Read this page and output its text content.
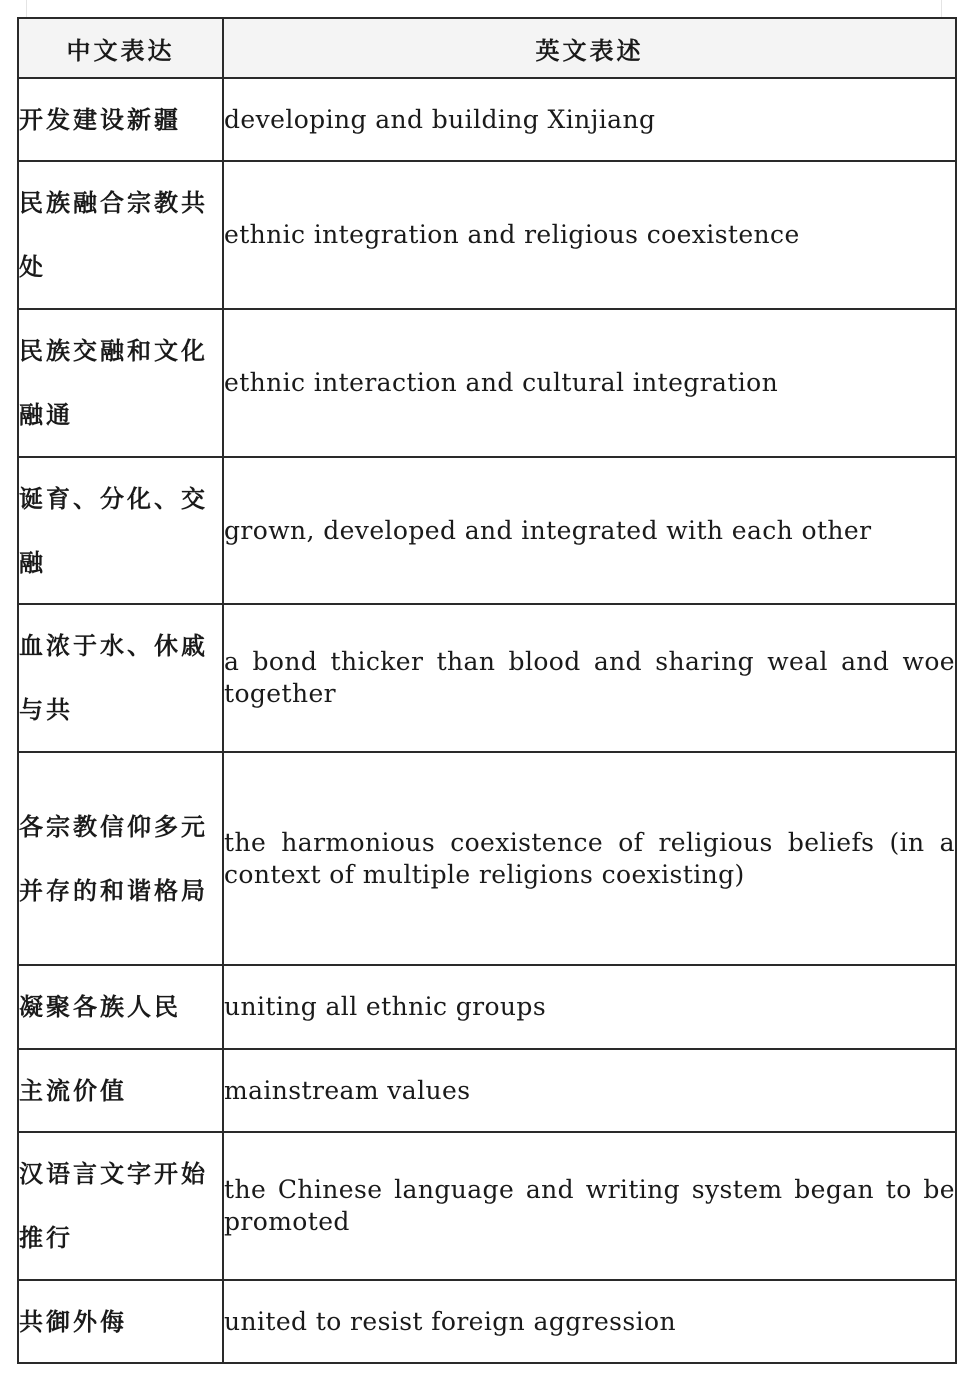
中文表达	英文表述
开发建设新疆	developing and building Xinjiang
民族融合宗教共处	ethnic integration and religious coexistence
民族交融和文化融通	ethnic interaction and cultural integration
诞育、分化、交融	grown, developed and integrated with each other
血浓于水、休戚与共	a bond thicker than blood and sharing weal and woe together
各宗教信仰多元并存的和谐格局	the harmonious coexistence of religious beliefs (in a context of multiple religions coexisting)
凝聚各族人民	uniting all ethnic groups
主流价值	mainstream values
汉语言文字开始推行	the Chinese language and writing system began to be promoted
共御外侮	united to resist foreign aggression
